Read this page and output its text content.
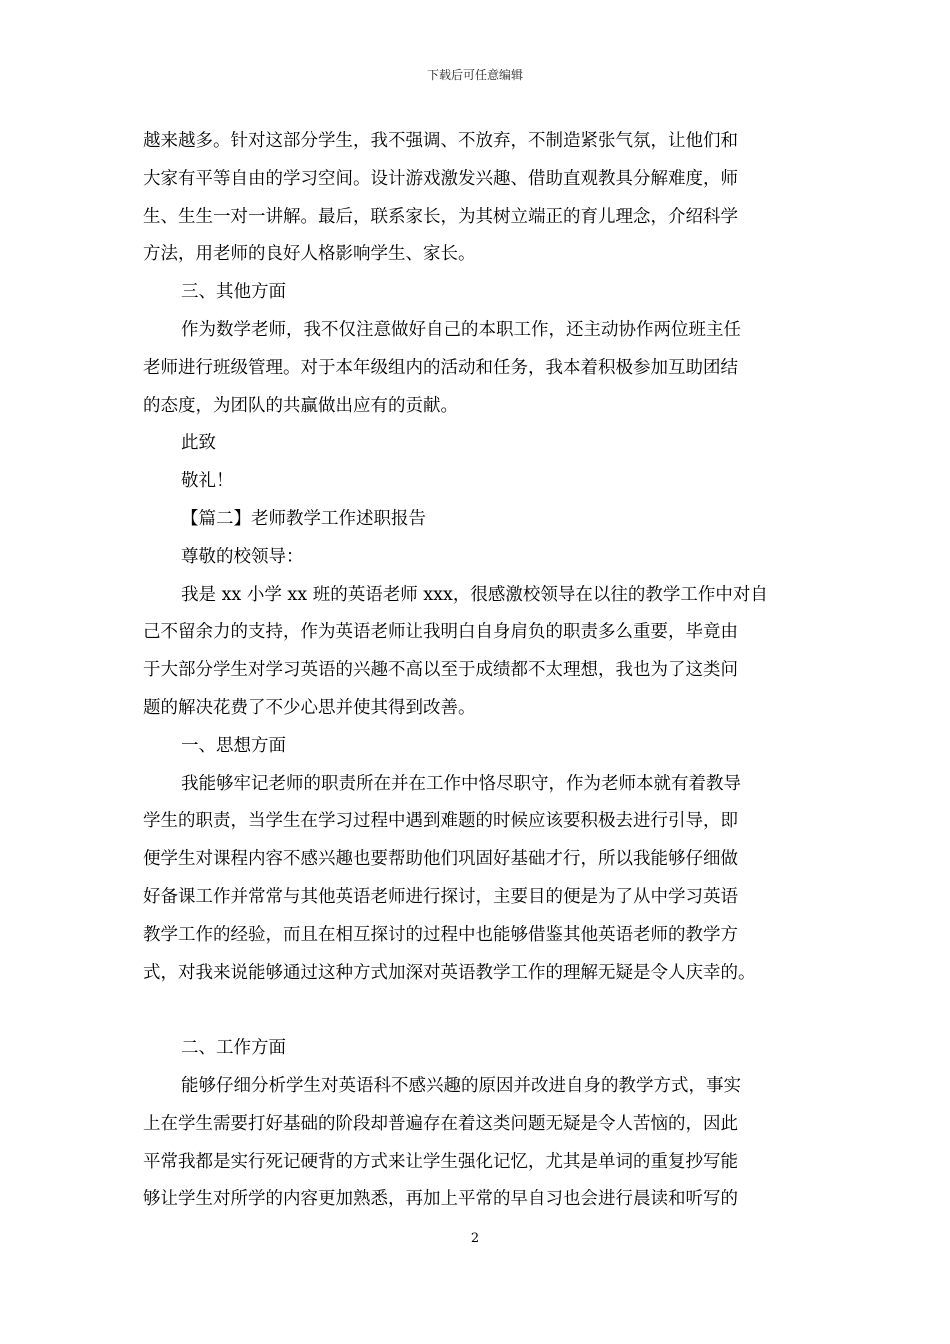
下载后可任意编辑
越来越多。针对这部分学生，我不强调、不放弃，不制造紧张气氛，让他们和
大家有平等自由的学习空间。设计游戏激发兴趣、借助直观教具分解难度，师
生、生生一对一讲解。最后，联系家长，为其树立端正的育儿理念，介绍科学
方法，用老师的良好人格影响学生、家长。
三、其他方面
作为数学老师，我不仅注意做好自己的本职工作，还主动协作两位班主任
老师进行班级管理。对于本年级组内的活动和任务，我本着积极参加互助团结
的态度，为团队的共赢做出应有的贡献。
此致
敬礼！
【篇二】老师教学工作述职报告
尊敬的校领导：
我是 xx 小学 xx 班的英语老师 xxx，很感激校领导在以往的教学工作中对自
己不留余力的支持，作为英语老师让我明白自身肩负的职责多么重要，毕竟由
于大部分学生对学习英语的兴趣不高以至于成绩都不太理想，我也为了这类问
题的解决花费了不少心思并使其得到改善。
一、思想方面
我能够牢记老师的职责所在并在工作中恪尽职守，作为老师本就有着教导
学生的职责，当学生在学习过程中遇到难题的时候应该要积极去进行引导，即
便学生对课程内容不感兴趣也要帮助他们巩固好基础才行，所以我能够仔细做
好备课工作并常常与其他英语老师进行探讨，主要目的便是为了从中学习英语
教学工作的经验，而且在相互探讨的过程中也能够借鉴其他英语老师的教学方
式，对我来说能够通过这种方式加深对英语教学工作的理解无疑是令人庆幸的。
二、工作方面
能够仔细分析学生对英语科不感兴趣的原因并改进自身的教学方式，事实
上在学生需要打好基础的阶段却普遍存在着这类问题无疑是令人苦恼的，因此
平常我都是实行死记硬背的方式来让学生强化记忆，尤其是单词的重复抄写能
够让学生对所学的内容更加熟悉，再加上平常的早自习也会进行晨读和听写的
2
